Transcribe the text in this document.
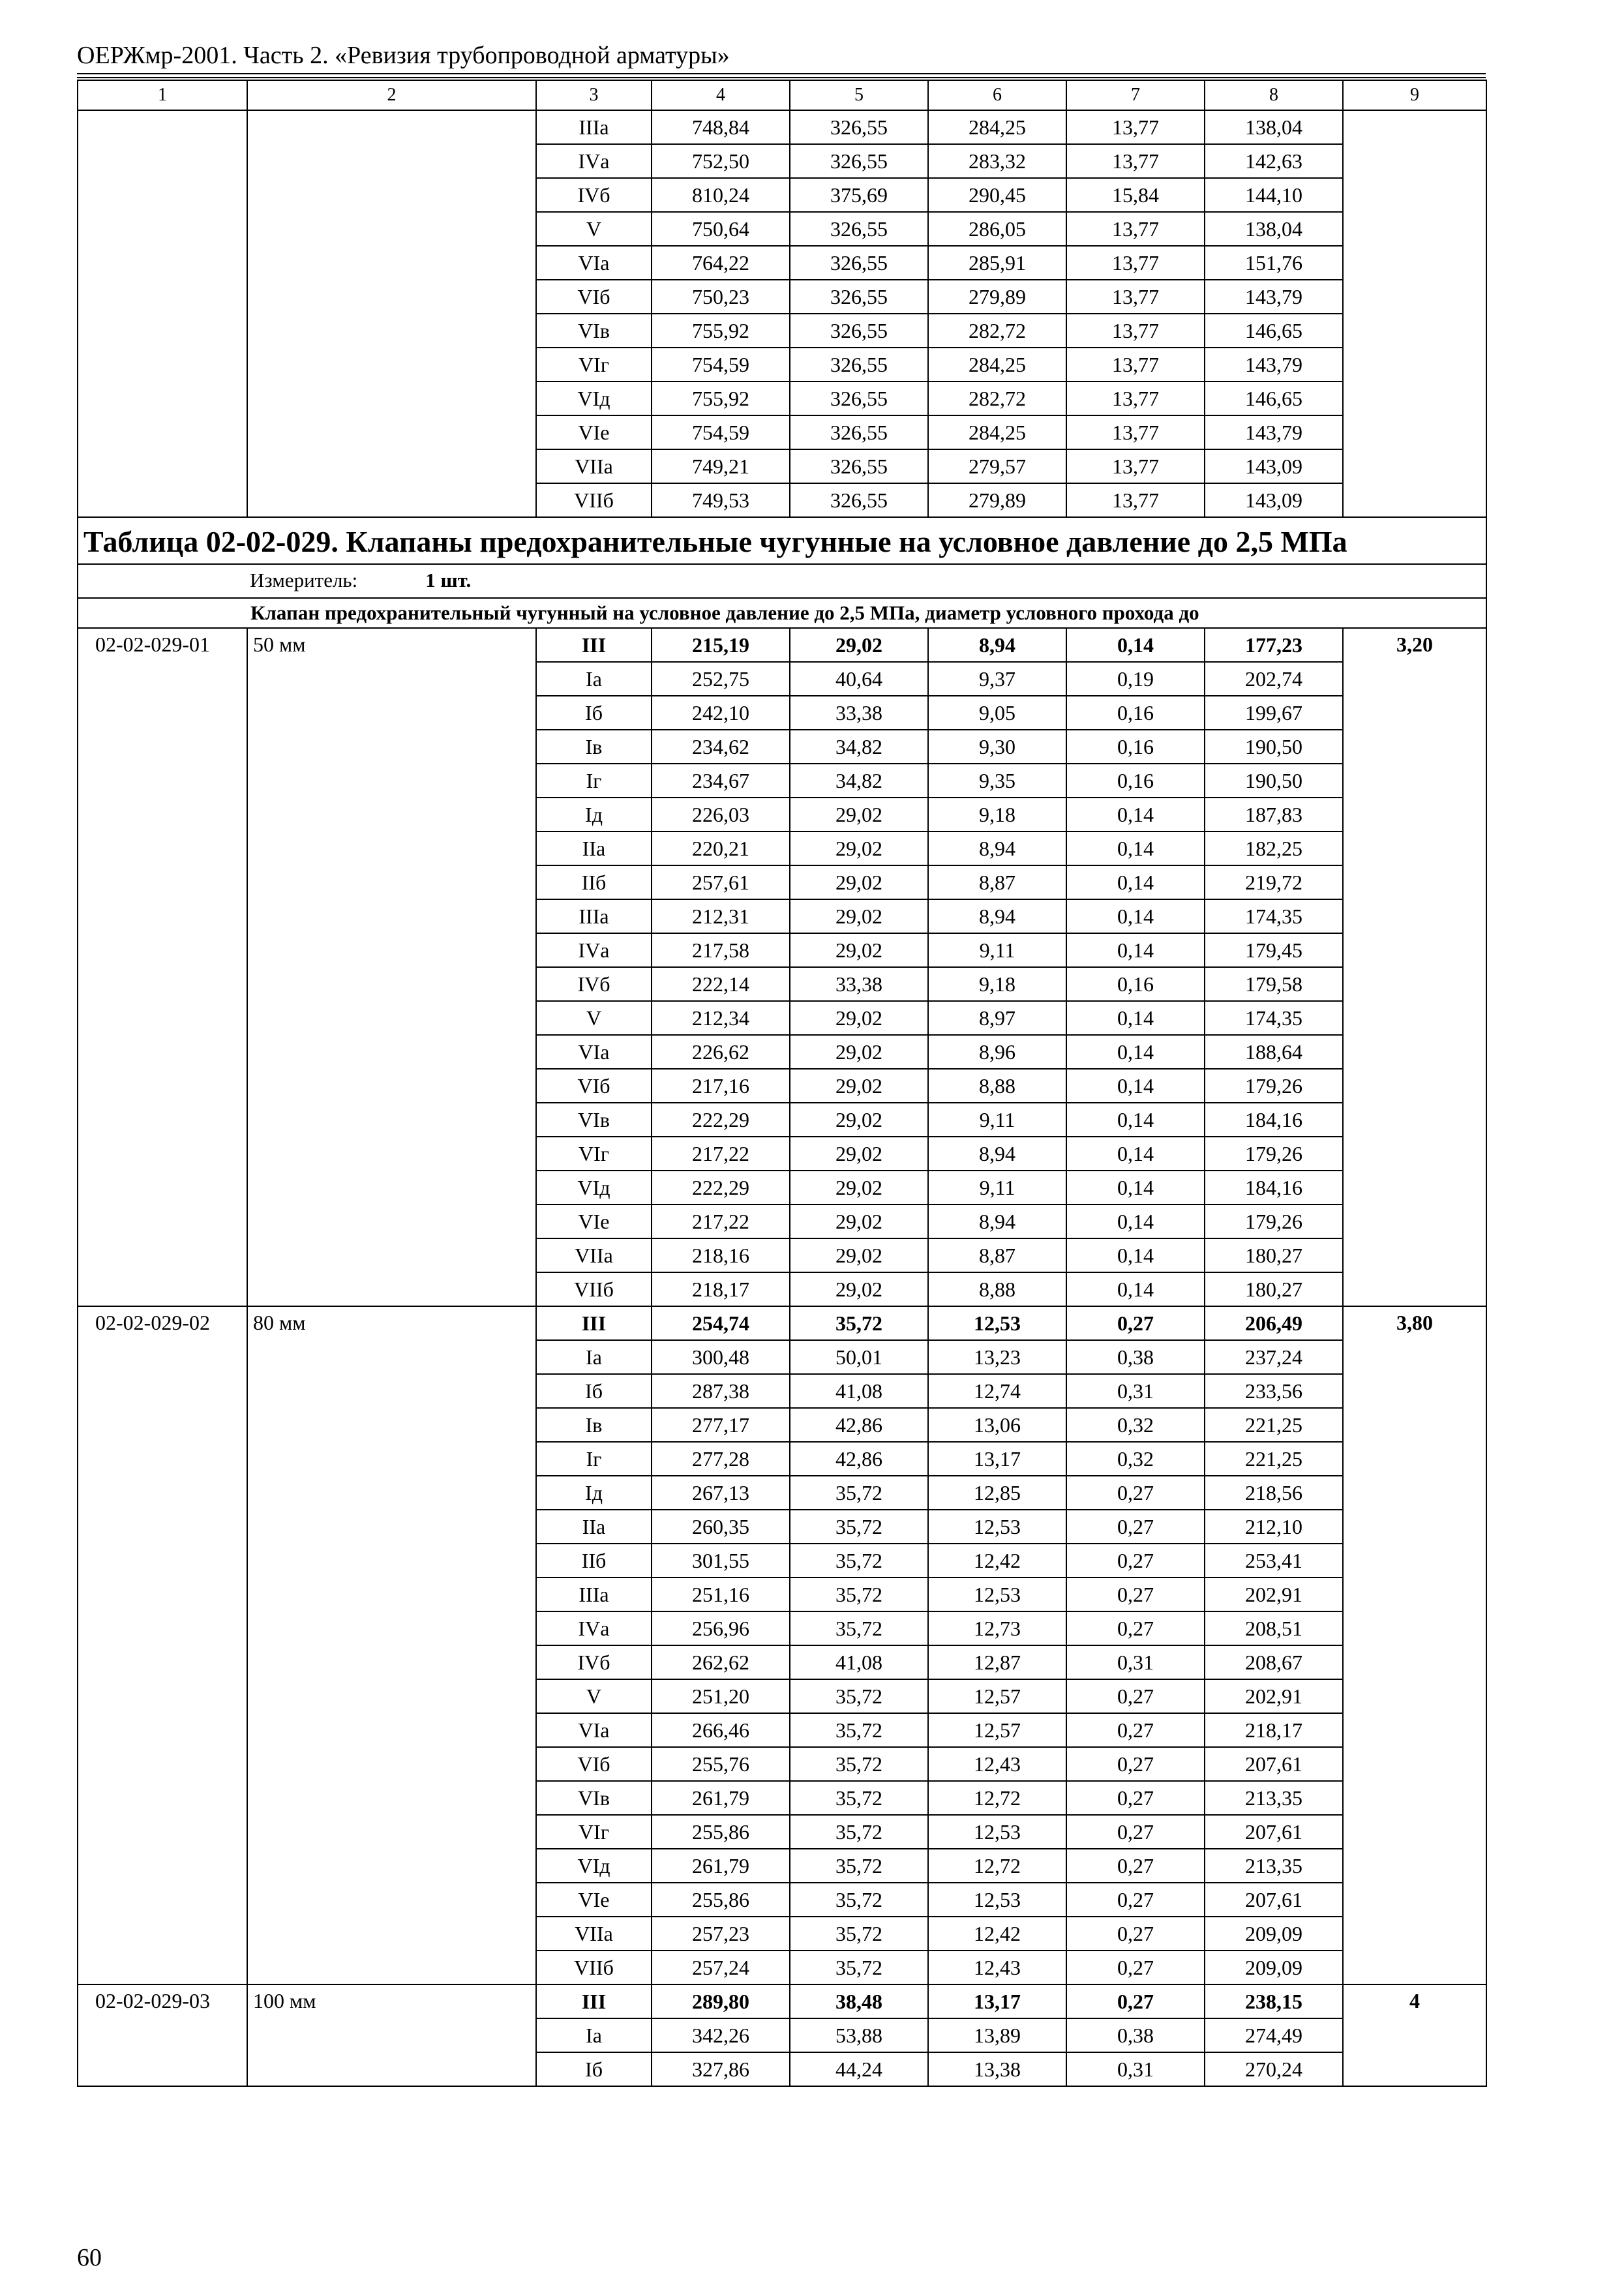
ОЕРЖмр-2001. Часть 2. «Ревизия трубопроводной арматуры»
1	2	3	4	5	6	7	8	9
		IIIа	748,84	326,55	284,25	13,77	138,04	
		IVа	752,50	326,55	283,32	13,77	142,63	
		IVб	810,24	375,69	290,45	15,84	144,10	
		V	750,64	326,55	286,05	13,77	138,04	
		VIа	764,22	326,55	285,91	13,77	151,76	
		VIб	750,23	326,55	279,89	13,77	143,79	
		VIв	755,92	326,55	282,72	13,77	146,65	
		VIг	754,59	326,55	284,25	13,77	143,79	
		VIд	755,92	326,55	282,72	13,77	146,65	
		VIе	754,59	326,55	284,25	13,77	143,79	
		VIIа	749,21	326,55	279,57	13,77	143,09	
		VIIб	749,53	326,55	279,89	13,77	143,09	
Таблица 02-02-029. Клапаны предохранительные чугунные на условное давление до 2,5 МПа								
Измеритель: 1 шт.								
Клапан предохранительный чугунный на условное давление до 2,5 МПа, диаметр условного прохода до								
02-02-029-01	50 мм	III	215,19	29,02	8,94	0,14	177,23	3,20
		Iа	252,75	40,64	9,37	0,19	202,74	
		Iб	242,10	33,38	9,05	0,16	199,67	
		Iв	234,62	34,82	9,30	0,16	190,50	
		Iг	234,67	34,82	9,35	0,16	190,50	
		Iд	226,03	29,02	9,18	0,14	187,83	
		IIа	220,21	29,02	8,94	0,14	182,25	
		IIб	257,61	29,02	8,87	0,14	219,72	
		IIIа	212,31	29,02	8,94	0,14	174,35	
		IVа	217,58	29,02	9,11	0,14	179,45	
		IVб	222,14	33,38	9,18	0,16	179,58	
		V	212,34	29,02	8,97	0,14	174,35	
		VIа	226,62	29,02	8,96	0,14	188,64	
		VIб	217,16	29,02	8,88	0,14	179,26	
		VIв	222,29	29,02	9,11	0,14	184,16	
		VIг	217,22	29,02	8,94	0,14	179,26	
		VIд	222,29	29,02	9,11	0,14	184,16	
		VIе	217,22	29,02	8,94	0,14	179,26	
		VIIа	218,16	29,02	8,87	0,14	180,27	
		VIIб	218,17	29,02	8,88	0,14	180,27	
02-02-029-02	80 мм	III	254,74	35,72	12,53	0,27	206,49	3,80
		Iа	300,48	50,01	13,23	0,38	237,24	
		Iб	287,38	41,08	12,74	0,31	233,56	
		Iв	277,17	42,86	13,06	0,32	221,25	
		Iг	277,28	42,86	13,17	0,32	221,25	
		Iд	267,13	35,72	12,85	0,27	218,56	
		IIа	260,35	35,72	12,53	0,27	212,10	
		IIб	301,55	35,72	12,42	0,27	253,41	
		IIIа	251,16	35,72	12,53	0,27	202,91	
		IVа	256,96	35,72	12,73	0,27	208,51	
		IVб	262,62	41,08	12,87	0,31	208,67	
		V	251,20	35,72	12,57	0,27	202,91	
		VIа	266,46	35,72	12,57	0,27	218,17	
		VIб	255,76	35,72	12,43	0,27	207,61	
		VIв	261,79	35,72	12,72	0,27	213,35	
		VIг	255,86	35,72	12,53	0,27	207,61	
		VIд	261,79	35,72	12,72	0,27	213,35	
		VIе	255,86	35,72	12,53	0,27	207,61	
		VIIа	257,23	35,72	12,42	0,27	209,09	
		VIIб	257,24	35,72	12,43	0,27	209,09	
02-02-029-03	100 мм	III	289,80	38,48	13,17	0,27	238,15	4
		Iа	342,26	53,88	13,89	0,38	274,49	
		Iб	327,86	44,24	13,38	0,31	270,24	
60
